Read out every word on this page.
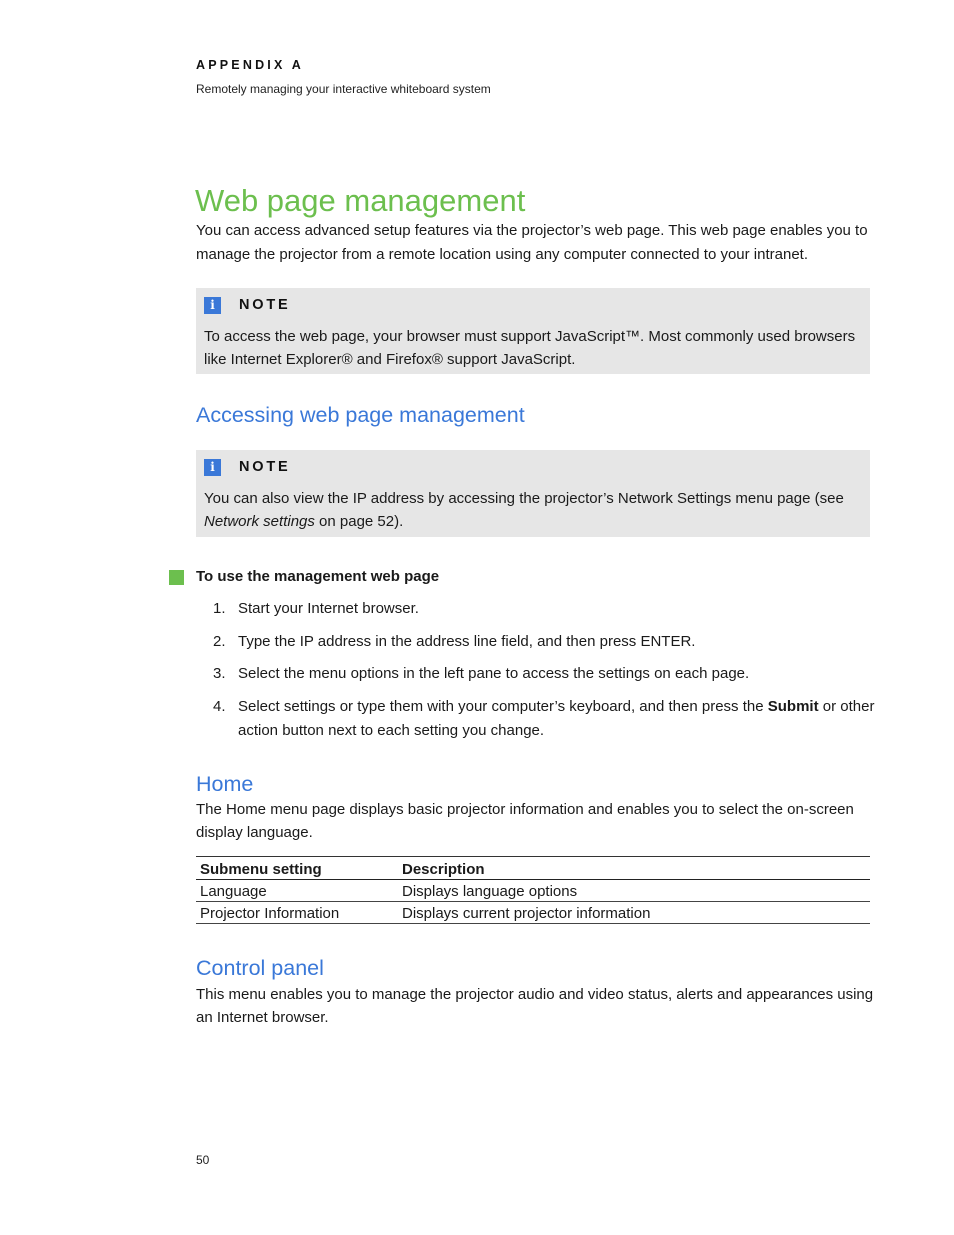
APPENDIX A
Remotely managing your interactive whiteboard system
Web page management

You can access advanced setup features via the projector’s web page. This web page enables you to manage the projector from a remote location using any computer connected to your intranet.

i	NOTE

To access the web page, your browser must support JavaScript™. Most commonly used browsers like Internet Explorer® and Firefox® support JavaScript.

Accessing web page management
i	NOTE

You can also view the IP address by accessing the projector’s Network Settings menu page (see Network settings on page 52).

To use the management web page
1. Start your Internet browser.
2. Type the IP address in the address line field, and then press ENTER.
3. Select the menu options in the left pane to access the settings on each page.
4. Select settings or type them with your computer’s keyboard, and then press the Submit or other action button next to each setting you change.
Home

The Home menu page displays basic projector information and enables you to select the on-screen display language.

Submenu setting	Description
Language	Displays language options
Projector Information	Displays current projector information
Control panel

This menu enables you to manage the projector audio and video status, alerts and appearances using an Internet browser.

50
